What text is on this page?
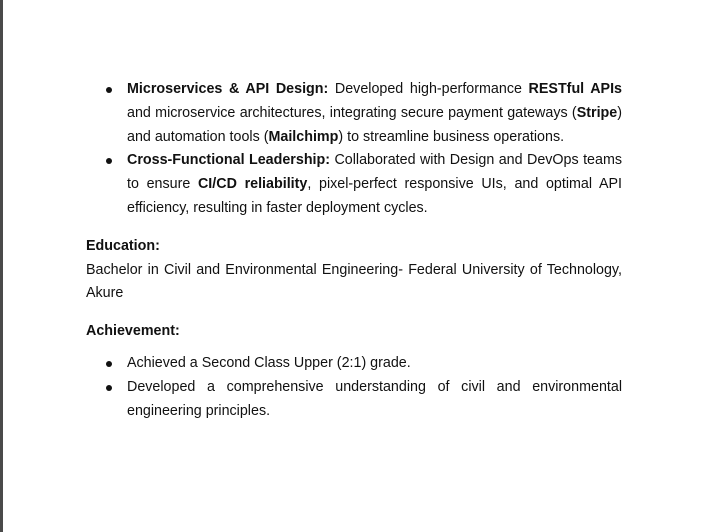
Microservices & API Design: Developed high-performance RESTful APIs and microservice architectures, integrating secure payment gateways (Stripe) and automation tools (Mailchimp) to streamline business operations.
Cross-Functional Leadership: Collaborated with Design and DevOps teams to ensure CI/CD reliability, pixel-perfect responsive UIs, and optimal API efficiency, resulting in faster deployment cycles.

Education:

Bachelor in Civil and Environmental Engineering- Federal University of Technology, Akure

Achievement:

Achieved a Second Class Upper (2:1) grade.
Developed a comprehensive understanding of civil and environmental engineering principles.
